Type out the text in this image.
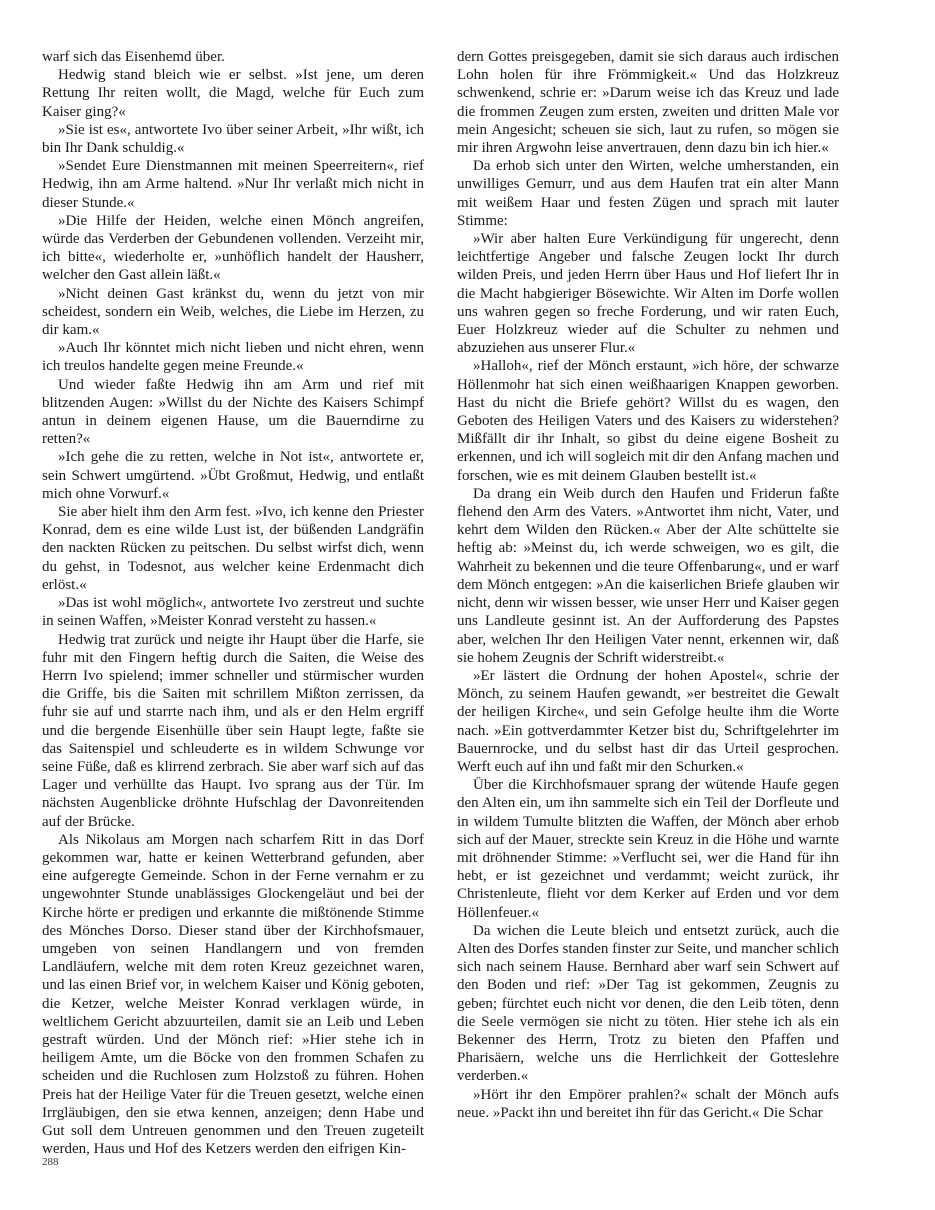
warf sich das Eisenhemd über.

Hedwig stand bleich wie er selbst. »Ist jene, um deren Rettung Ihr reiten wollt, die Magd, welche für Euch zum Kaiser ging?«

»Sie ist es«, antwortete Ivo über seiner Arbeit, »Ihr wißt, ich bin Ihr Dank schuldig.«

»Sendet Eure Dienstmannen mit meinen Speerreitern«, rief Hedwig, ihn am Arme haltend. »Nur Ihr verlaßt mich nicht in dieser Stunde.«

»Die Hilfe der Heiden, welche einen Mönch angreifen, würde das Verderben der Gebundenen vollenden. Verzeiht mir, ich bitte«, wiederholte er, »unhöflich handelt der Hausherr, welcher den Gast allein läßt.«

»Nicht deinen Gast kränkst du, wenn du jetzt von mir scheidest, sondern ein Weib, welches, die Liebe im Herzen, zu dir kam.«

»Auch Ihr könntet mich nicht lieben und nicht ehren, wenn ich treulos handelte gegen meine Freunde.«

Und wieder faßte Hedwig ihn am Arm und rief mit blitzenden Augen: »Willst du der Nichte des Kaisers Schimpf antun in deinem eigenen Hause, um die Bauerndirne zu retten?«

»Ich gehe die zu retten, welche in Not ist«, antwortete er, sein Schwert umgürtend. »Übt Großmut, Hedwig, und entlaßt mich ohne Vorwurf.«

Sie aber hielt ihm den Arm fest. »Ivo, ich kenne den Priester Konrad, dem es eine wilde Lust ist, der büßenden Landgräfin den nackten Rücken zu peitschen. Du selbst wirfst dich, wenn du gehst, in Todesnot, aus welcher keine Erdenmacht dich erlöst.«

»Das ist wohl möglich«, antwortete Ivo zerstreut und suchte in seinen Waffen, »Meister Konrad versteht zu hassen.«

Hedwig trat zurück und neigte ihr Haupt über die Harfe, sie fuhr mit den Fingern heftig durch die Saiten, die Weise des Herrn Ivo spielend; immer schneller und stürmischer wurden die Griffe, bis die Saiten mit schrillem Mißton zerrissen, da fuhr sie auf und starrte nach ihm, und als er den Helm ergriff und die bergende Eisenhülle über sein Haupt legte, faßte sie das Saitenspiel und schleuderte es in wildem Schwunge vor seine Füße, daß es klirrend zerbrach. Sie aber warf sich auf das Lager und verhüllte das Haupt. Ivo sprang aus der Tür. Im nächsten Augenblicke dröhnte Hufschlag der Davonreitenden auf der Brücke.

Als Nikolaus am Morgen nach scharfem Ritt in das Dorf gekommen war, hatte er keinen Wetterbrand gefunden, aber eine aufgeregte Gemeinde. Schon in der Ferne vernahm er zu ungewohnter Stunde unablässiges Glockengeläut und bei der Kirche hörte er predigen und erkannte die mißtönende Stimme des Mönches Dorso. Dieser stand über der Kirchhofsmauer, umgeben von seinen Handlangern und von fremden Landläufern, welche mit dem roten Kreuz gezeichnet waren, und las einen Brief vor, in welchem Kaiser und König geboten, die Ketzer, welche Meister Konrad verklagen würde, in weltlichem Gericht abzuurteilen, damit sie an Leib und Leben gestraft würden. Und der Mönch rief: »Hier stehe ich in heiligem Amte, um die Böcke von den frommen Schafen zu scheiden und die Ruchlosen zum Holzstoß zu führen. Hohen Preis hat der Heilige Vater für die Treuen gesetzt, welche einen Irrgläubigen, den sie etwa kennen, anzeigen; denn Habe und Gut soll dem Untreuen genommen und den Treuen zugeteilt werden, Haus und Hof des Ketzers werden den eifrigen Kin-

dern Gottes preisgegeben, damit sie sich daraus auch irdischen Lohn holen für ihre Frömmigkeit.« Und das Holzkreuz schwenkend, schrie er: »Darum weise ich das Kreuz und lade die frommen Zeugen zum ersten, zweiten und dritten Male vor mein Angesicht; scheuen sie sich, laut zu rufen, so mögen sie mir ihren Argwohn leise anvertrauen, denn dazu bin ich hier.«

Da erhob sich unter den Wirten, welche umherstanden, ein unwilliges Gemurr, und aus dem Haufen trat ein alter Mann mit weißem Haar und festen Zügen und sprach mit lauter Stimme:

»Wir aber halten Eure Verkündigung für ungerecht, denn leichtfertige Angeber und falsche Zeugen lockt Ihr durch wilden Preis, und jeden Herrn über Haus und Hof liefert Ihr in die Macht habgieriger Bösewichte. Wir Alten im Dorfe wollen uns wahren gegen so freche Forderung, und wir raten Euch, Euer Holzkreuz wieder auf die Schulter zu nehmen und abzuziehen aus unserer Flur.«

»Halloh«, rief der Mönch erstaunt, »ich höre, der schwarze Höllenmohr hat sich einen weißhaarigen Knappen geworben. Hast du nicht die Briefe gehört? Willst du es wagen, den Geboten des Heiligen Vaters und des Kaisers zu widerstehen? Mißfällt dir ihr Inhalt, so gibst du deine eigene Bosheit zu erkennen, und ich will sogleich mit dir den Anfang machen und forschen, wie es mit deinem Glauben bestellt ist.«

Da drang ein Weib durch den Haufen und Friderun faßte flehend den Arm des Vaters. »Antwortet ihm nicht, Vater, und kehrt dem Wilden den Rücken.« Aber der Alte schüttelte sie heftig ab: »Meinst du, ich werde schweigen, wo es gilt, die Wahrheit zu bekennen und die teure Offenbarung«, und er warf dem Mönch entgegen: »An die kaiserlichen Briefe glauben wir nicht, denn wir wissen besser, wie unser Herr und Kaiser gegen uns Landleute gesinnt ist. An der Aufforderung des Papstes aber, welchen Ihr den Heiligen Vater nennt, erkennen wir, daß sie hohem Zeugnis der Schrift widerstreibt.«

»Er lästert die Ordnung der hohen Apostel«, schrie der Mönch, zu seinem Haufen gewandt, »er bestreitet die Gewalt der heiligen Kirche«, und sein Gefolge heulte ihm die Worte nach. »Ein gottverdammter Ketzer bist du, Schriftgelehrter im Bauernrocke, und du selbst hast dir das Urteil gesprochen. Werft euch auf ihn und faßt mir den Schurken.«

Über die Kirchhofsmauer sprang der wütende Haufe gegen den Alten ein, um ihn sammelte sich ein Teil der Dorfleute und in wildem Tumulte blitzten die Waffen, der Mönch aber erhob sich auf der Mauer, streckte sein Kreuz in die Höhe und warnte mit dröhnender Stimme: »Verflucht sei, wer die Hand für ihn hebt, er ist gezeichnet und verdammt; weicht zurück, ihr Christenleute, flieht vor dem Kerker auf Erden und vor dem Höllenfeuer.«

Da wichen die Leute bleich und entsetzt zurück, auch die Alten des Dorfes standen finster zur Seite, und mancher schlich sich nach seinem Hause. Bernhard aber warf sein Schwert auf den Boden und rief: »Der Tag ist gekommen, Zeugnis zu geben; fürchtet euch nicht vor denen, die den Leib töten, denn die Seele vermögen sie nicht zu töten. Hier stehe ich als ein Bekenner des Herrn, Trotz zu bieten den Pfaffen und Pharisäern, welche uns die Herrlichkeit der Gotteslehre verderben.«

»Hört ihr den Empörer prahlen?« schalt der Mönch aufs neue. »Packt ihn und bereitet ihn für das Gericht.« Die Schar

288
